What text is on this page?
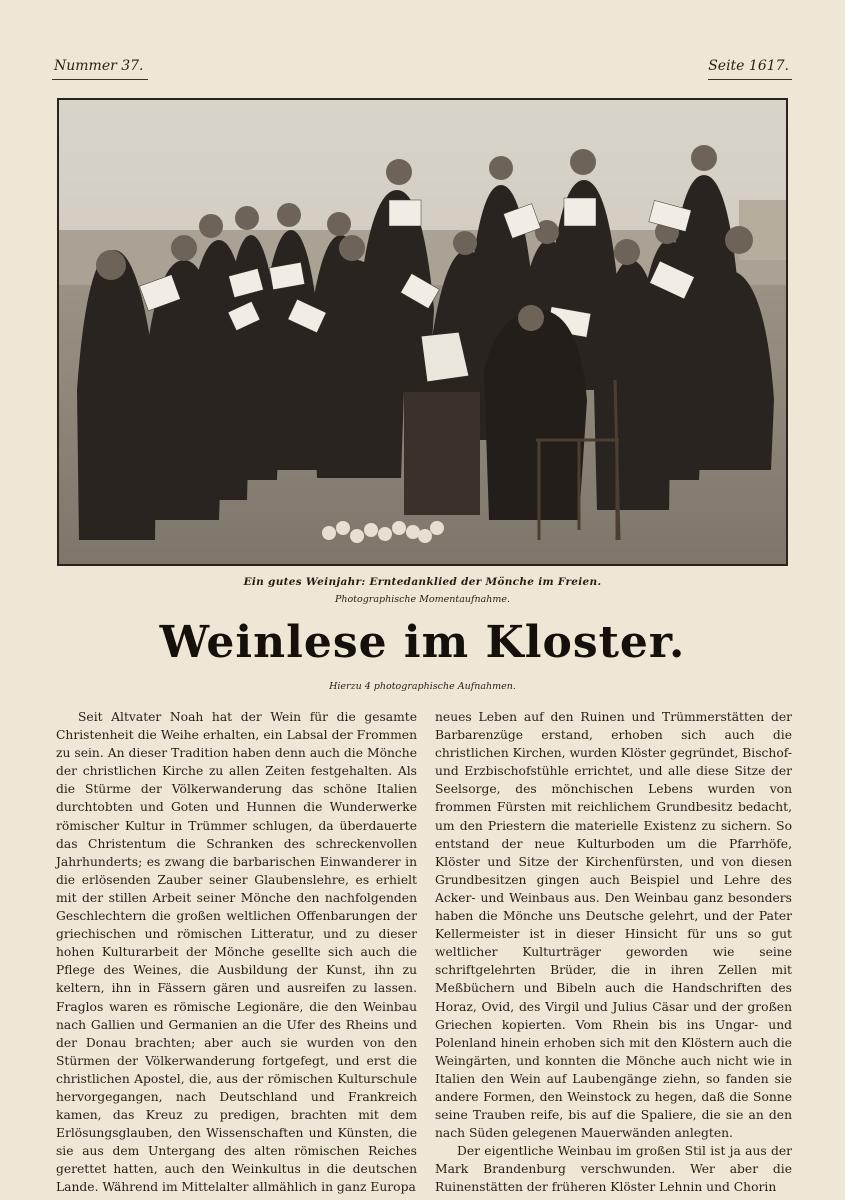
Nummer 37.	Seite 1617.
Ein gutes Weinjahr: Erntedanklied der Mönche im Freien.
Photographische Momentaufnahme.
Weinlese im Kloster.
Hierzu 4 photographische Aufnahmen.

Seit Altvater Noah hat der Wein für die gesamte Christenheit die Weihe erhalten, ein Labsal der Frommen zu sein. An dieser Tradition haben denn auch die Mönche der christlichen Kirche zu allen Zeiten festgehalten. Als die Stürme der Völkerwanderung das schöne Italien durchtobten und Goten und Hunnen die Wunderwerke römischer Kultur in Trümmer schlugen, da überdauerte das Christentum die Schranken des schreckenvollen Jahrhunderts; es zwang die barbarischen Einwanderer in die erlösenden Zauber seiner Glaubenslehre, es erhielt mit der stillen Arbeit seiner Mönche den nachfolgenden Geschlechtern die großen weltlichen Offenbarungen der griechischen und römischen Litteratur, und zu dieser hohen Kulturarbeit der Mönche gesellte sich auch die Pflege des Weines, die Ausbildung der Kunst, ihn zu keltern, ihn in Fässern gären und ausreifen zu lassen. Fraglos waren es römische Legionäre, die den Weinbau nach Gallien und Germanien an die Ufer des Rheins und der Donau brachten; aber auch sie wurden von den Stürmen der Völkerwanderung fortgefegt, und erst die christlichen Apostel, die, aus der römischen Kulturschule hervorgegangen, nach Deutschland und Frankreich kamen, das Kreuz zu predigen, brachten mit dem Erlösungsglauben, den Wissenschaften und Künsten, die sie aus dem Untergang des alten römischen Reiches gerettet hatten, auch den Weinkultus in die deutschen Lande. Während im Mittelalter allmählich in ganz Europa

neues Leben auf den Ruinen und Trümmerstätten der Barbarenzüge erstand, erhoben sich auch die christlichen Kirchen, wurden Klöster gegründet, Bischof- und Erzbischofstühle errichtet, und alle diese Sitze der Seelsorge, des mönchischen Lebens wurden von frommen Fürsten mit reichlichem Grundbesitz bedacht, um den Priestern die materielle Existenz zu sichern. So entstand der neue Kulturboden um die Pfarrhöfe, Klöster und Sitze der Kirchenfürsten, und von diesen Grundbesitzen gingen auch Beispiel und Lehre des Acker- und Weinbaus aus. Den Weinbau ganz besonders haben die Mönche uns Deutsche gelehrt, und der Pater Kellermeister ist in dieser Hinsicht für uns so gut weltlicher Kulturträger geworden wie seine schriftgelehrten Brüder, die in ihren Zellen mit Meßbüchern und Bibeln auch die Handschriften des Horaz, Ovid, des Virgil und Julius Cäsar und der großen Griechen kopierten. Vom Rhein bis ins Ungar- und Polenland hinein erhoben sich mit den Klöstern auch die Weingärten, und konnten die Mönche auch nicht wie in Italien den Wein auf Laubengänge ziehn, so fanden sie andere Formen, den Weinstock zu hegen, daß die Sonne seine Trauben reife, bis auf die Spaliere, die sie an den nach Süden gelegenen Mauerwänden anlegten.

Der eigentliche Weinbau im großen Stil ist ja aus der Mark Brandenburg verschwunden. Wer aber die Ruinenstätten der früheren Klöster Lehnin und Chorin
